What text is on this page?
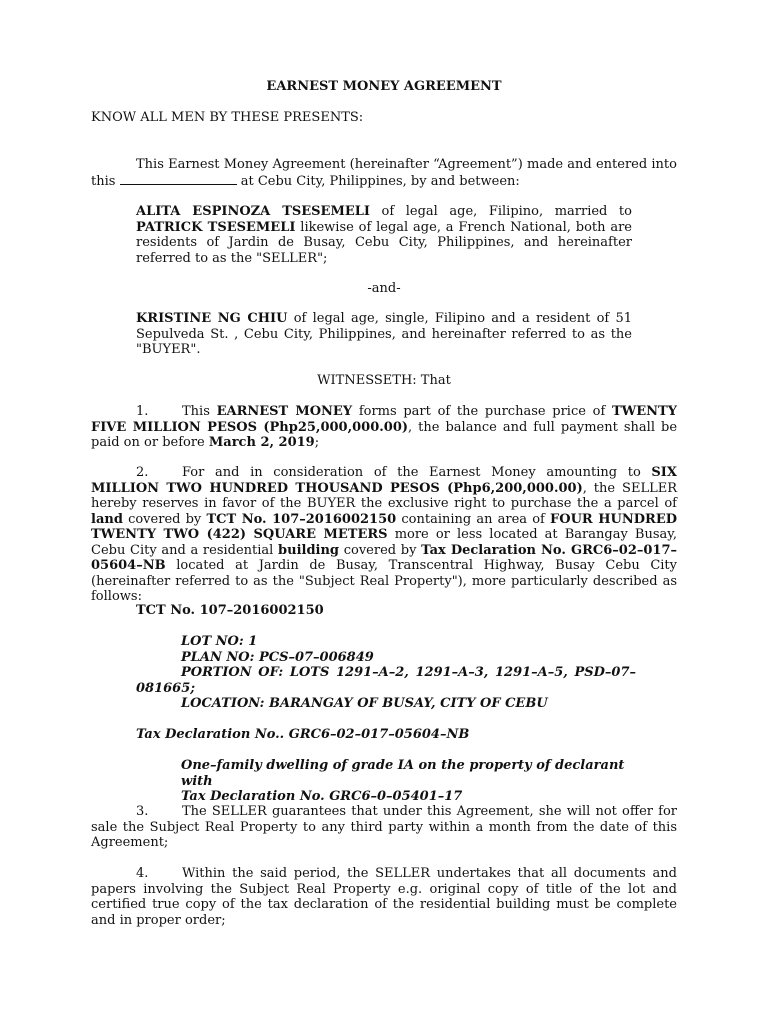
EARNEST MONEY AGREEMENT
KNOW ALL MEN BY THESE PRESENTS:
This Earnest Money Agreement (hereinafter “Agreement”) made and entered into this	at Cebu City, Philippines, by and between:
ALITA ESPINOZA TSESEMELI of legal age, Filipino, married to PATRICK TSESEMELI likewise of legal age, a French National, both are residents of Jardin de Busay, Cebu City, Philippines, and hereinafter referred to as the "SELLER";
-and-
KRISTINE NG CHIU of legal age, single, Filipino and a resident of 51 Sepulveda St. , Cebu City, Philippines, and hereinafter referred to as the "BUYER".
WITNESSETH: That
1.	This EARNEST MONEY forms part of the purchase price of TWENTY FIVE MILLION PESOS (Php25,000,000.00), the balance and full payment shall be paid on or before March 2, 2019;
2.	For and in consideration of the Earnest Money amounting to SIX MILLION TWO HUNDRED THOUSAND PESOS (Php6,200,000.00), the SELLER hereby reserves in favor of the BUYER the exclusive right to purchase the a parcel of land covered by TCT No. 107–2016002150 containing an area of FOUR HUNDRED TWENTY TWO (422) SQUARE METERS more or less located at Barangay Busay, Cebu City and a residential building covered by Tax Declaration No. GRC6–02–017–05604–NB located at Jardin de Busay, Transcentral Highway, Busay Cebu City (hereinafter referred to as the "Subject Real Property"), more particularly described as follows:
TCT No. 107–2016002150
LOT NO: 1
PLAN NO: PCS–07–006849
PORTION OF: LOTS 1291–A–2, 1291–A–3, 1291–A–5, PSD–07–081665;
LOCATION: BARANGAY OF BUSAY, CITY OF CEBU
Tax Declaration No.. GRC6–02–017–05604–NB
One–family dwelling of grade IA on the property of declarant with
Tax Declaration No. GRC6–0–05401–17
3.	The SELLER guarantees that under this Agreement, she will not offer for sale the Subject Real Property to any third party within a month from the date of this Agreement;
4.	Within the said period, the SELLER undertakes that all documents and papers involving the Subject Real Property e.g. original copy of title of the lot and certified true copy of the tax declaration of the residential building must be complete and in proper order;
